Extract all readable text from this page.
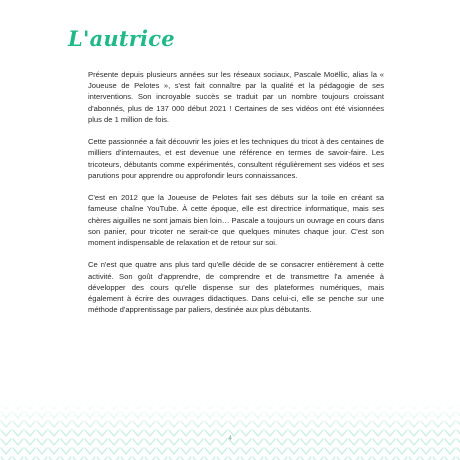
L'autrice

Présente depuis plusieurs années sur les réseaux sociaux, Pascale Moëllic, alias la « Joueuse de Pelotes », s'est fait connaître par la qualité et la pédagogie de ses interventions. Son incroyable succès se traduit par un nombre toujours croissant d'abonnés, plus de 137 000 début 2021 ! Certaines de ses vidéos ont été visionnées plus de 1 million de fois.

Cette passionnée a fait découvrir les joies et les techniques du tricot à des centaines de milliers d'internautes, et est devenue une référence en termes de savoir-faire. Les tricoteurs, débutants comme expérimentés, consultent régulièrement ses vidéos et ses parutions pour apprendre ou approfondir leurs connaissances.

C'est en 2012 que la Joueuse de Pelotes fait ses débuts sur la toile en créant sa fameuse chaîne YouTube. À cette époque, elle est directrice informatique, mais ses chères aiguilles ne sont jamais bien loin… Pascale a toujours un ouvrage en cours dans son panier, pour tricoter ne serait-ce que quelques minutes chaque jour. C'est son moment indispensable de relaxation et de retour sur soi.

Ce n'est que quatre ans plus tard qu'elle décide de se consacrer entièrement à cette activité. Son goût d'apprendre, de comprendre et de transmettre l'a amenée à développer des cours qu'elle dispense sur des plateformes numériques, mais également à écrire des ouvrages didactiques. Dans celui-ci, elle se penche sur une méthode d'apprentissage par paliers, destinée aux plus débutants.

4
